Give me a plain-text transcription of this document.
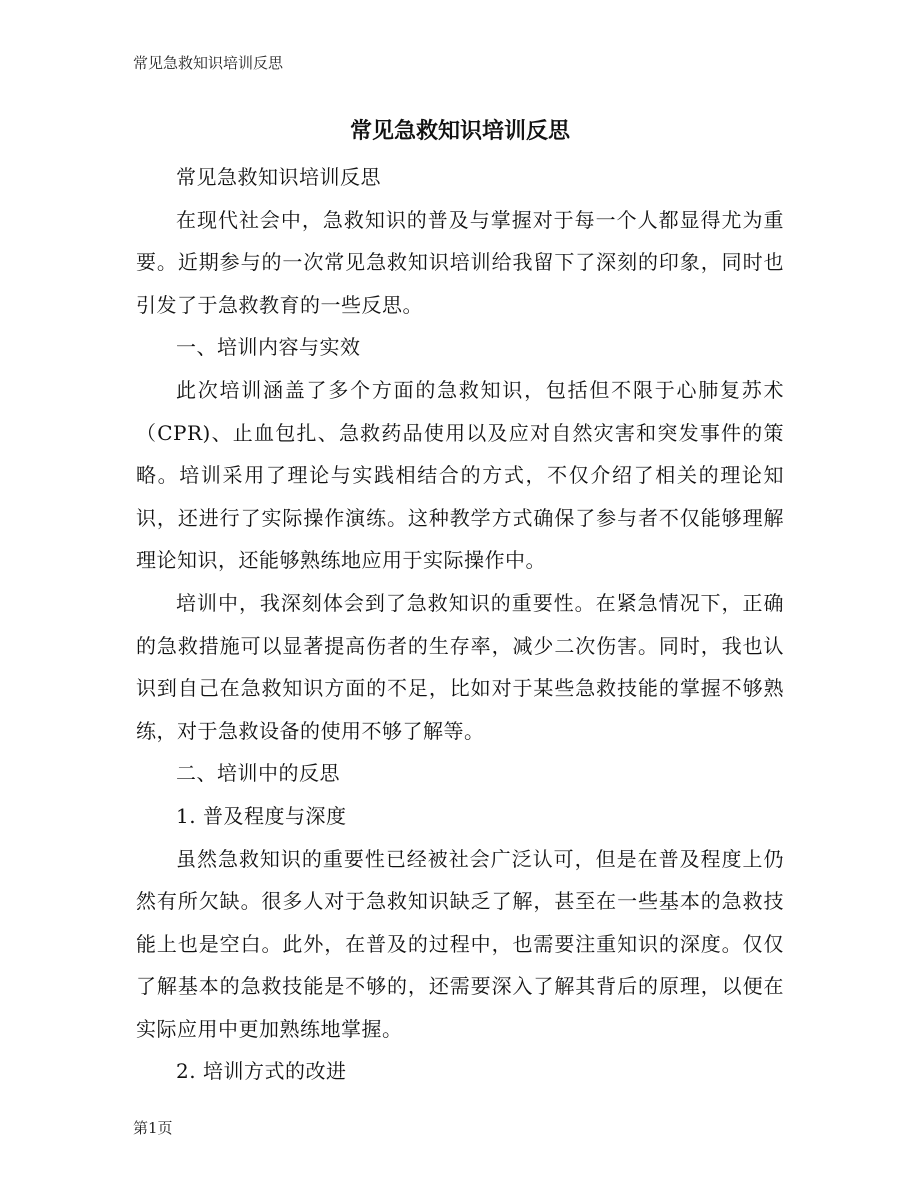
常见急救知识培训反思
常见急救知识培训反思

常见急救知识培训反思

在现代社会中，急救知识的普及与掌握对于每一个人都显得尤为重要。近期参与的一次常见急救知识培训给我留下了深刻的印象，同时也引发了于急救教育的一些反思。

一、培训内容与实效

此次培训涵盖了多个方面的急救知识，包括但不限于心肺复苏术（CPR)、止血包扎、急救药品使用以及应对自然灾害和突发事件的策略。培训采用了理论与实践相结合的方式，不仅介绍了相关的理论知识，还进行了实际操作演练。这种教学方式确保了参与者不仅能够理解理论知识，还能够熟练地应用于实际操作中。

培训中，我深刻体会到了急救知识的重要性。在紧急情况下，正确的急救措施可以显著提高伤者的生存率，减少二次伤害。同时，我也认识到自己在急救知识方面的不足，比如对于某些急救技能的掌握不够熟练，对于急救设备的使用不够了解等。

二、培训中的反思

1. 普及程度与深度

虽然急救知识的重要性已经被社会广泛认可，但是在普及程度上仍然有所欠缺。很多人对于急救知识缺乏了解，甚至在一些基本的急救技能上也是空白。此外，在普及的过程中，也需要注重知识的深度。仅仅了解基本的急救技能是不够的，还需要深入了解其背后的原理，以便在实际应用中更加熟练地掌握。

2. 培训方式的改进

第1页
